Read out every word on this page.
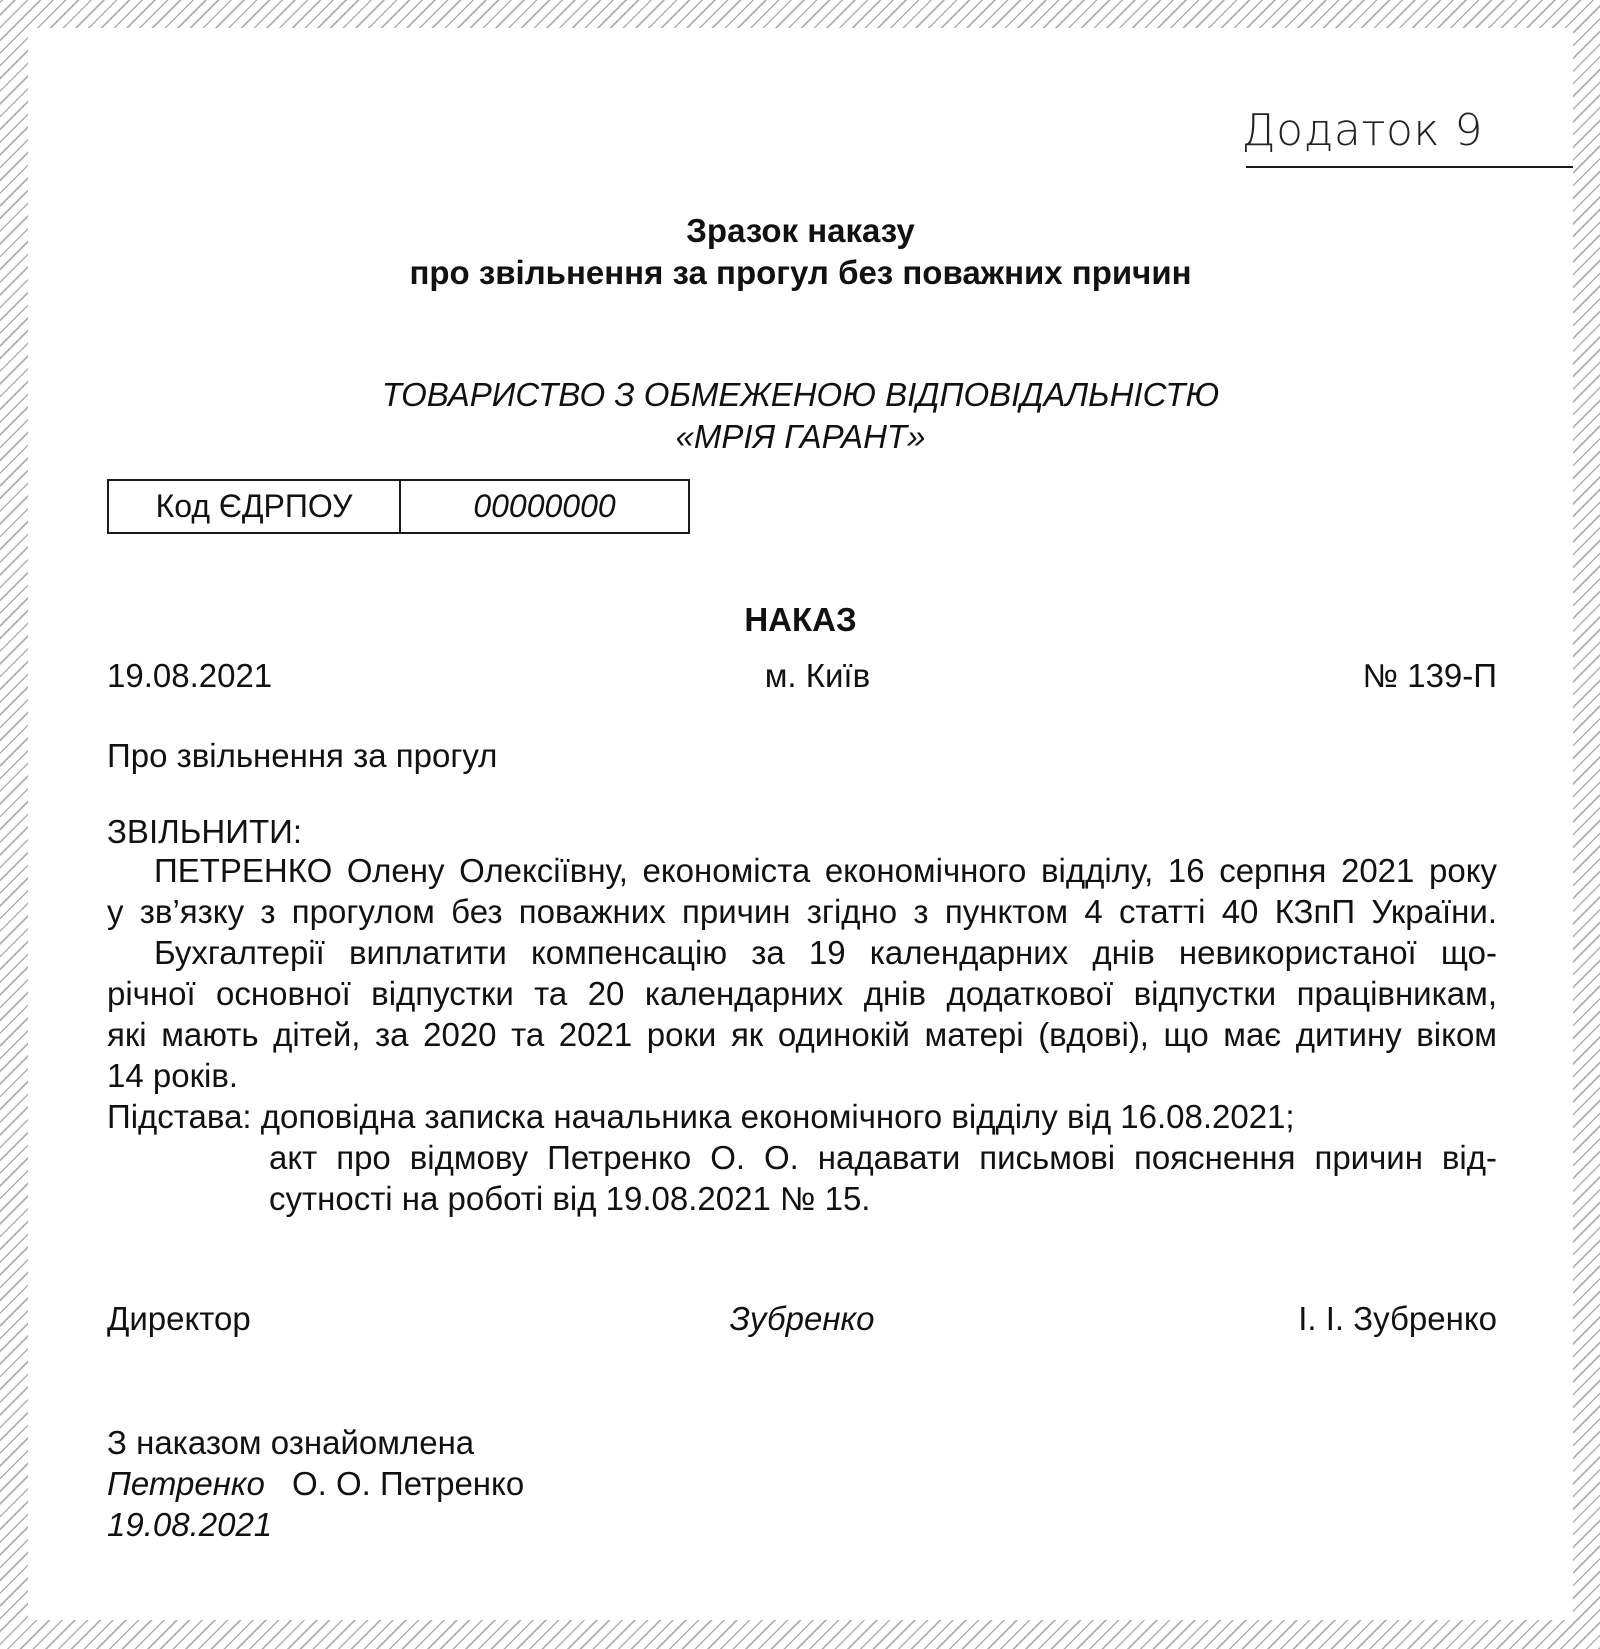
Додаток 9
Зразок наказу
про звільнення за прогул без поважних причин
ТОВАРИСТВО З ОБМЕЖЕНОЮ ВІДПОВІДАЛЬНІСТЮ
«МРІЯ ГАРАНТ»
Код ЄДРПОУ	00000000
НАКАЗ
19.08.2021	м. Київ	№ 139-П
Про звільнення за прогул
ЗВІЛЬНИТИ:
ПЕТРЕНКО Олену Олексіївну, економіста економічного відділу, 16 серпня 2021 року
у зв’язку з прогулом без поважних причин згідно з пунктом 4 статті 40 КЗпП України.
Бухгалтерії виплатити компенсацію за 19 календарних днів невикористаної що-
річної основної відпустки та 20 календарних днів додаткової відпустки працівникам,
які мають дітей, за 2020 та 2021 роки як одинокій матері (вдові), що має дитину віком
14 років.
Підстава: доповідна записка начальника економічного відділу від 16.08.2021;
акт про відмову Петренко О. О. надавати письмові пояснення причин від-
сутності на роботі від 19.08.2021 № 15.
Директор	Зубренко	І. І. Зубренко
З наказом ознайомлена
Петренко О. О. Петренко
19.08.2021
